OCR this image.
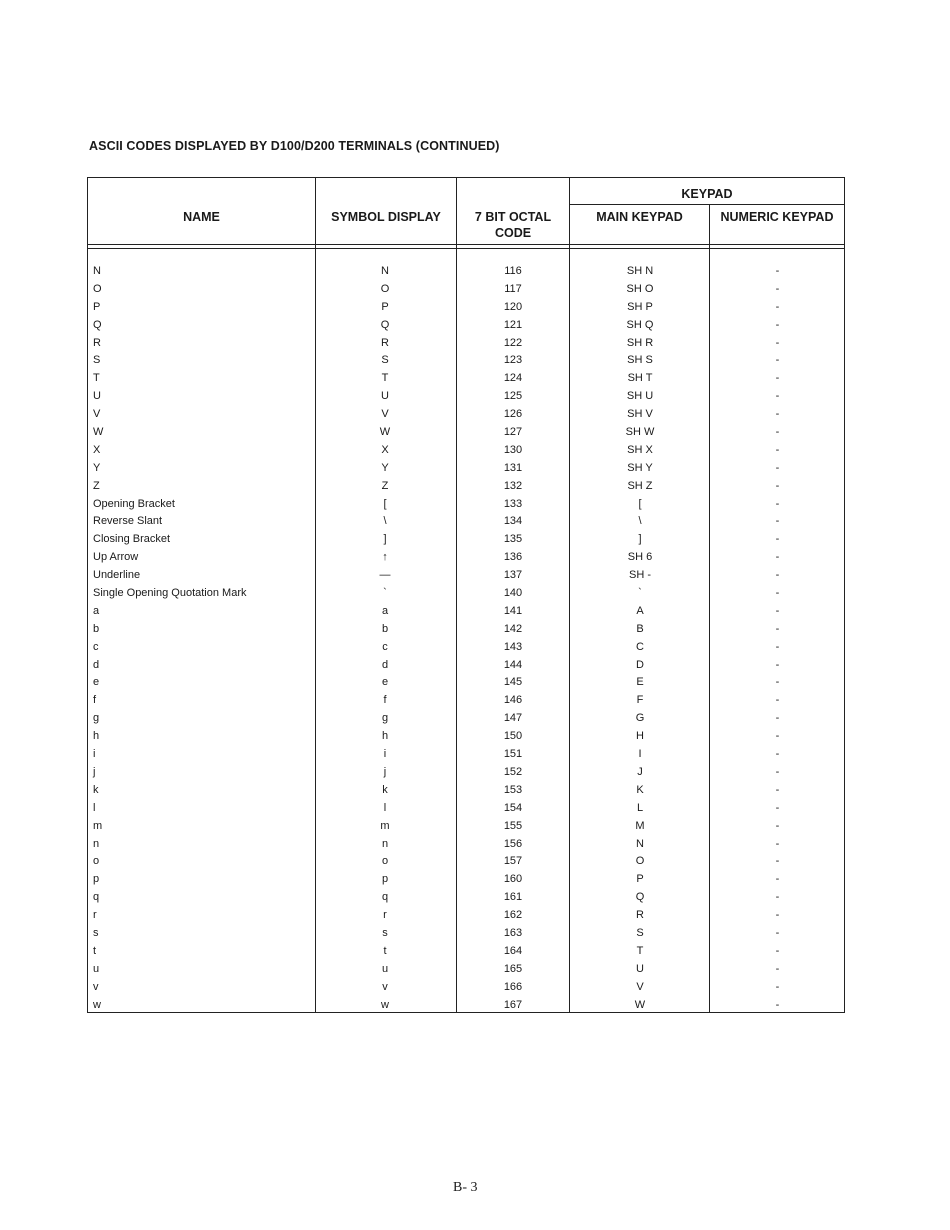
ASCII CODES DISPLAYED BY D100/D200 TERMINALS (CONTINUED)
NAME	SYMBOL DISPLAY	7 BIT OCTAL
CODE
KEYPAD
MAIN KEYPAD	NUMERIC KEYPAD
N	N	116	SH N	-
O	O	117	SH O	-
P	P	120	SH P	-
Q	Q	121	SH Q	-
R	R	122	SH R	-
S	S	123	SH S	-
T	T	124	SH T	-
U	U	125	SH U	-
V	V	126	SH V	-
W	W	127	SH W	-
X	X	130	SH X	-
Y	Y	131	SH Y	-
Z	Z	132	SH Z	-
Opening Bracket	[	133	[	-
Reverse Slant	\	134	\	-
Closing Bracket	]	135	]	-
Up Arrow	↑	136	SH 6	-
Underline	—	137	SH -	-
Single Opening Quotation Mark	`	140	`	-
a	a	141	A	-
b	b	142	B	-
c	c	143	C	-
d	d	144	D	-
e	e	145	E	-
f	f	146	F	-
g	g	147	G	-
h	h	150	H	-
i	i	151	I	-
j	j	152	J	-
k	k	153	K	-
l	l	154	L	-
m	m	155	M	-
n	n	156	N	-
o	o	157	O	-
p	p	160	P	-
q	q	161	Q	-
r	r	162	R	-
s	s	163	S	-
t	t	164	T	-
u	u	165	U	-
v	v	166	V	-
w	w	167	W	-
B- 3
